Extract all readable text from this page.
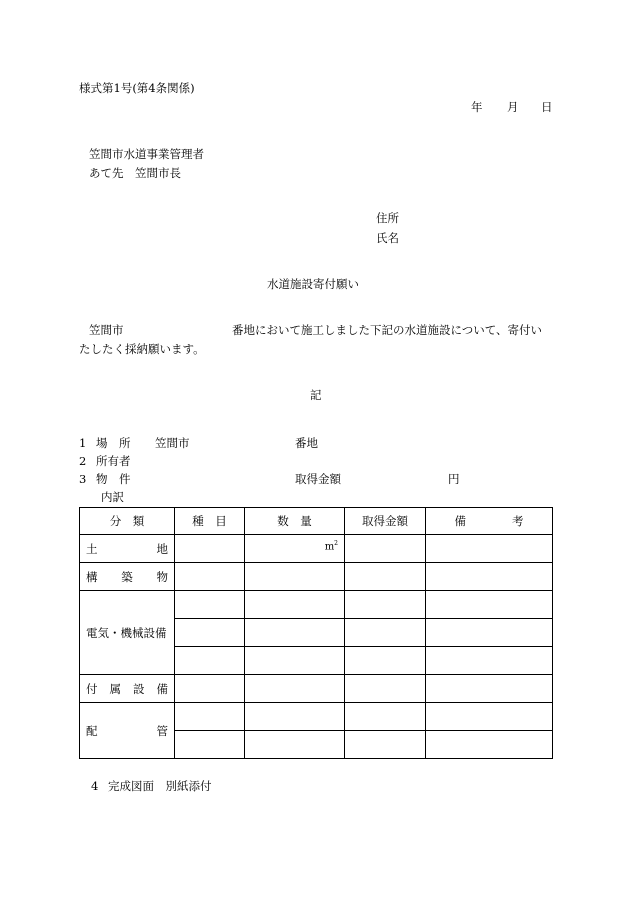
様式第1号(第4条関係)
年 月 日
笠間市水道事業管理者
あて先　笠間市長
住所
氏名
水道施設寄付願い
笠間市	番地において施工しました下記の水道施設について、寄付い
たしたく採納願います。
記
1 場　所 笠間市	番地
2 所有者
3 物　件	取得金額	円
内訳
分　類	種　目	数　量	取得金額	備　　　　考
土地		$m^2$

構築物				
電気・機械設備				

付属設備				
配管				

4 完成図面　別紙添付
